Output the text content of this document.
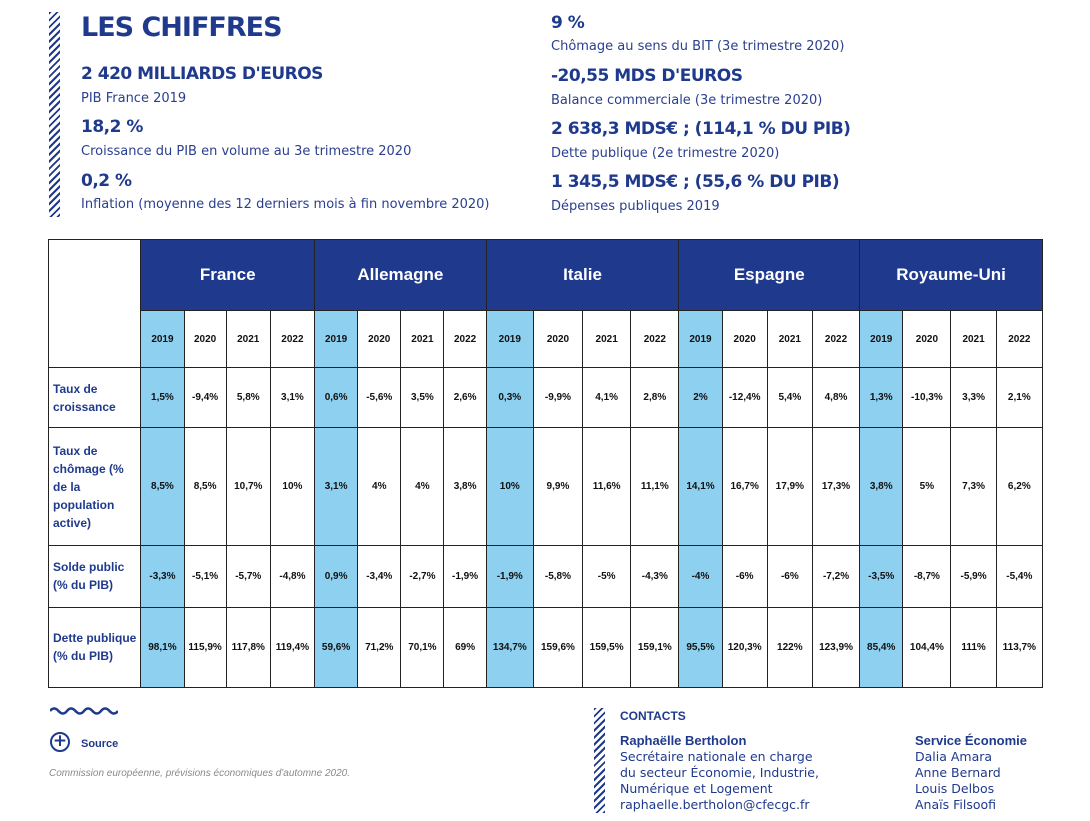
LES CHIFFRES
2 420 MILLIARDS D'EUROS
PIB France 2019
18,2 %
Croissance du PIB en volume au 3e trimestre 2020
0,2 %
Inflation (moyenne des 12 derniers mois à fin novembre 2020)
9 %
Chômage au sens du BIT (3e trimestre 2020)
-20,55 MDS D'EUROS
Balance commerciale (3e trimestre 2020)
2 638,3 MDS€ ; (114,1 % DU PIB)
Dette publique (2e trimestre 2020)
1 345,5 MDS€ ; (55,6 % DU PIB)
Dépenses publiques 2019
	France				Allemagne				Italie				Espagne				Royaume-Uni			
	2019	2020	2021	2022	2019	2020	2021	2022	2019	2020	2021	2022	2019	2020	2021	2022	2019	2020	2021	2022
Taux de croissance	1,5%	-9,4%	5,8%	3,1%	0,6%	-5,6%	3,5%	2,6%	0,3%	-9,9%	4,1%	2,8%	2%	-12,4%	5,4%	4,8%	1,3%	-10,3%	3,3%	2,1%
Taux de chômage (% de la population active)	8,5%	8,5%	10,7%	10%	3,1%	4%	4%	3,8%	10%	9,9%	11,6%	11,1%	14,1%	16,7%	17,9%	17,3%	3,8%	5%	7,3%	6,2%
Solde public (% du PIB)	-3,3%	-5,1%	-5,7%	-4,8%	0,9%	-3,4%	-2,7%	-1,9%	-1,9%	-5,8%	-5%	-4,3%	-4%	-6%	-6%	-7,2%	-3,5%	-8,7%	-5,9%	-5,4%
Dette publique (% du PIB)	98,1%	115,9%	117,8%	119,4%	59,6%	71,2%	70,1%	69%	134,7%	159,6%	159,5%	159,1%	95,5%	120,3%	122%	123,9%	85,4%	104,4%	111%	113,7%
+ Source
Commission européenne, prévisions économiques d'automne 2020.
CONTACTS
Raphaëlle Bertholon
Secrétaire nationale en charge
du secteur Économie, Industrie,
Numérique et Logement
raphaelle.bertholon@cfecgc.fr
Service Économie
Dalia Amara
Anne Bernard
Louis Delbos
Anaïs Filsoofi
